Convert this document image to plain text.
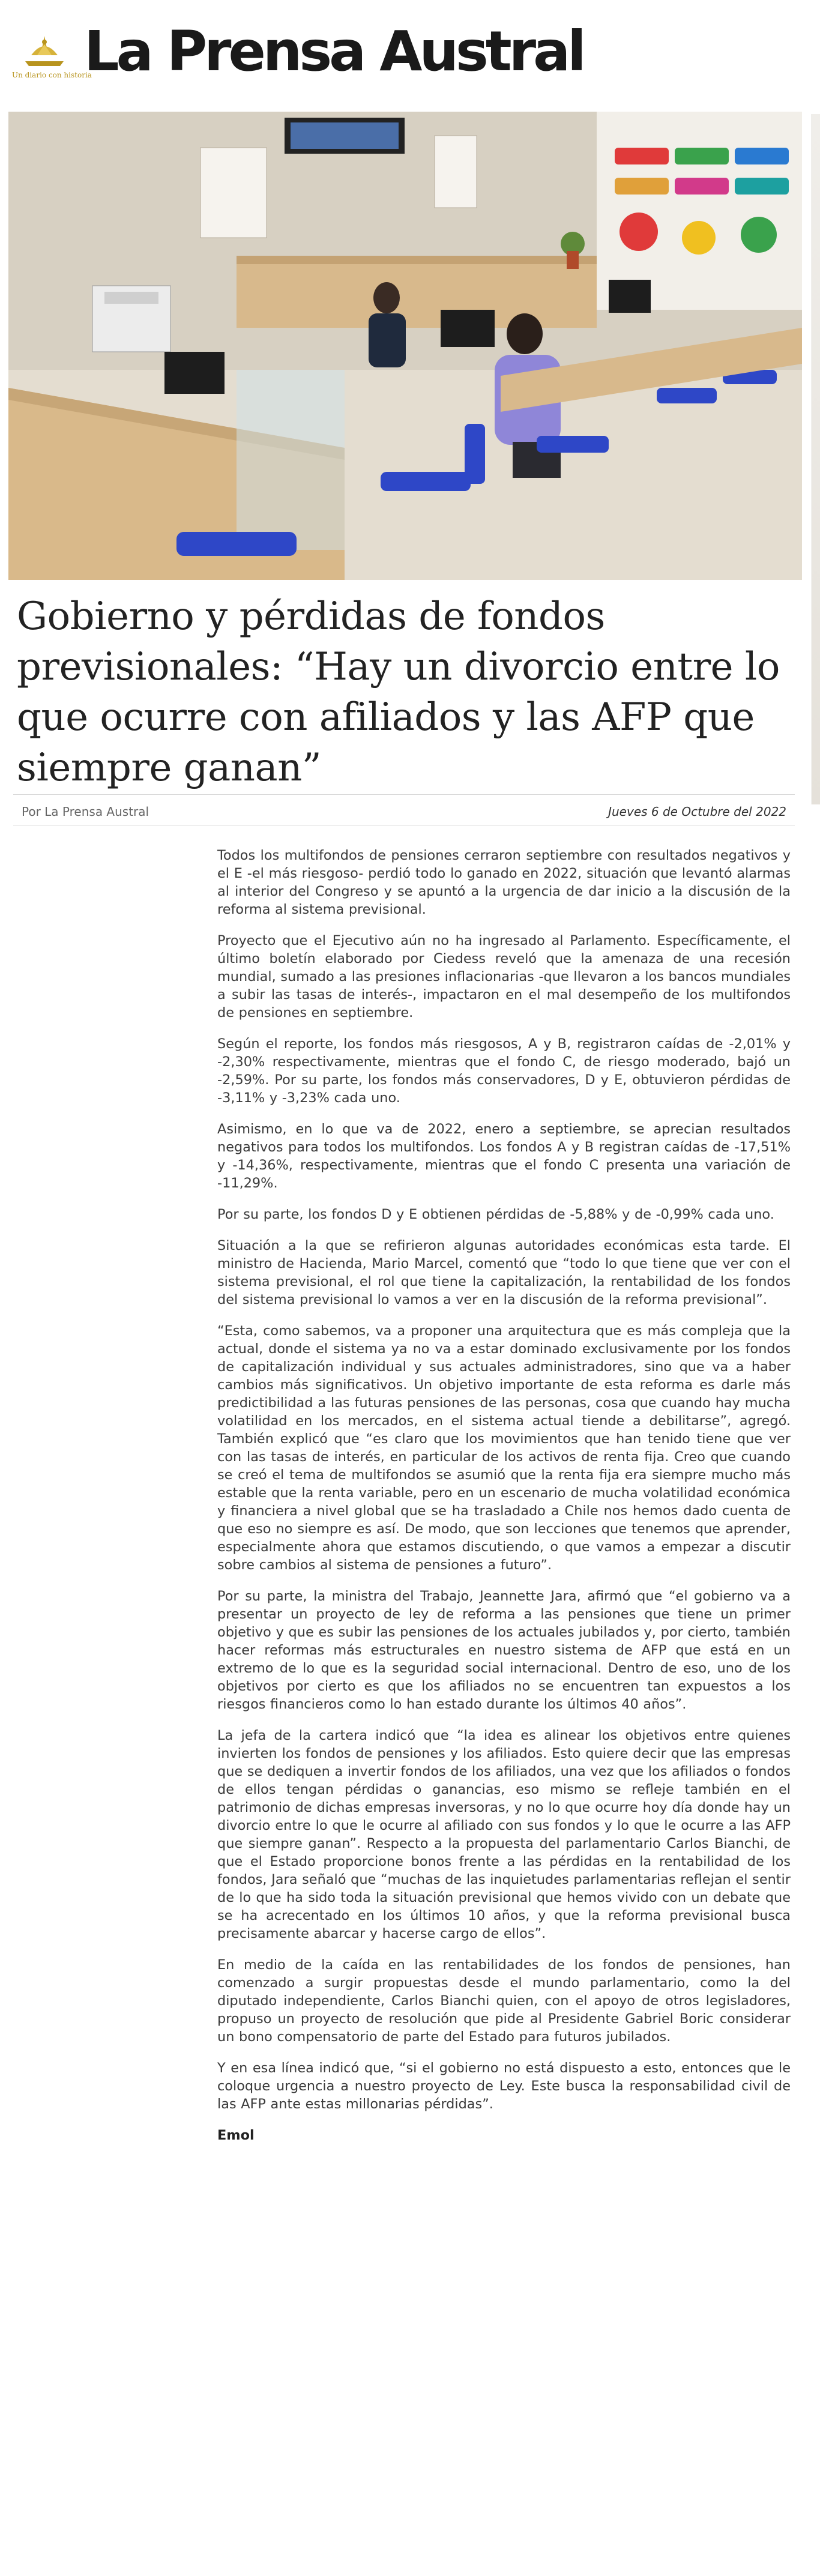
Un diario con historia
La Prensa Austral
Gobierno y pérdidas de fondos previsionales: “Hay un divorcio entre lo que ocurre con afiliados y las AFP que siempre ganan”
Por La Prensa Austral	Jueves 6 de Octubre del 2022

Todos los multifondos de pensiones cerraron septiembre con resultados negativos y el E -el más riesgoso- perdió todo lo ganado en 2022, situación que levantó alarmas al interior del Congreso y se apuntó a la urgencia de dar inicio a la discusión de la reforma al sistema previsional.

Proyecto que el Ejecutivo aún no ha ingresado al Parlamento. Específicamente, el último boletín elaborado por Ciedess reveló que la amenaza de una recesión mundial, sumado a las presiones inflacionarias -que llevaron a los bancos mundiales a subir las tasas de interés-, impactaron en el mal desempeño de los multifondos de pensiones en septiembre.

Según el reporte, los fondos más riesgosos, A y B, registraron caídas de -2,01% y -2,30% respectivamente, mientras que el fondo C, de riesgo moderado, bajó un -2,59%. Por su parte, los fondos más conservadores, D y E, obtuvieron pérdidas de -3,11% y -3,23% cada uno.

Asimismo, en lo que va de 2022, enero a septiembre, se aprecian resultados negativos para todos los multifondos. Los fondos A y B registran caídas de -17,51% y -14,36%, respectivamente, mientras que el fondo C presenta una variación de -11,29%.

Por su parte, los fondos D y E obtienen pérdidas de -5,88% y de -0,99% cada uno.

Situación a la que se refirieron algunas autoridades económicas esta tarde. El ministro de Hacienda, Mario Marcel, comentó que “todo lo que tiene que ver con el sistema previsional, el rol que tiene la capitalización, la rentabilidad de los fondos del sistema previsional lo vamos a ver en la discusión de la reforma previsional”.

“Esta, como sabemos, va a proponer una arquitectura que es más compleja que la actual, donde el sistema ya no va a estar dominado exclusivamente por los fondos de capitalización individual y sus actuales administradores, sino que va a haber cambios más significativos. Un objetivo importante de esta reforma es darle más predictibilidad a las futuras pensiones de las personas, cosa que cuando hay mucha volatilidad en los mercados, en el sistema actual tiende a debilitarse”, agregó. También explicó que “es claro que los movimientos que han tenido tiene que ver con las tasas de interés, en particular de los activos de renta fija. Creo que cuando se creó el tema de multifondos se asumió que la renta fija era siempre mucho más estable que la renta variable, pero en un escenario de mucha volatilidad económica y financiera a nivel global que se ha trasladado a Chile nos hemos dado cuenta de que eso no siempre es así. De modo, que son lecciones que tenemos que aprender, especialmente ahora que estamos discutiendo, o que vamos a empezar a discutir sobre cambios al sistema de pensiones a futuro”.

Por su parte, la ministra del Trabajo, Jeannette Jara, afirmó que “el gobierno va a presentar un proyecto de ley de reforma a las pensiones que tiene un primer objetivo y que es subir las pensiones de los actuales jubilados y, por cierto, también hacer reformas más estructurales en nuestro sistema de AFP que está en un extremo de lo que es la seguridad social internacional. Dentro de eso, uno de los objetivos por cierto es que los afiliados no se encuentren tan expuestos a los riesgos financieros como lo han estado durante los últimos 40 años”.

La jefa de la cartera indicó que “la idea es alinear los objetivos entre quienes invierten los fondos de pensiones y los afiliados. Esto quiere decir que las empresas que se dediquen a invertir fondos de los afiliados, una vez que los afiliados o fondos de ellos tengan pérdidas o ganancias, eso mismo se refleje también en el patrimonio de dichas empresas inversoras, y no lo que ocurre hoy día donde hay un divorcio entre lo que le ocurre al afiliado con sus fondos y lo que le ocurre a las AFP que siempre ganan”. Respecto a la propuesta del parlamentario Carlos Bianchi, de que el Estado proporcione bonos frente a las pérdidas en la rentabilidad de los fondos, Jara señaló que “muchas de las inquietudes parlamentarias reflejan el sentir de lo que ha sido toda la situación previsional que hemos vivido con un debate que se ha acrecentado en los últimos 10 años, y que la reforma previsional busca precisamente abarcar y hacerse cargo de ellos”.

En medio de la caída en las rentabilidades de los fondos de pensiones, han comenzado a surgir propuestas desde el mundo parlamentario, como la del diputado independiente, Carlos Bianchi quien, con el apoyo de otros legisladores, propuso un proyecto de resolución que pide al Presidente Gabriel Boric considerar un bono compensatorio de parte del Estado para futuros jubilados.

Y en esa línea indicó que, “si el gobierno no está dispuesto a esto, entonces que le coloque urgencia a nuestro proyecto de Ley. Este busca la responsabilidad civil de las AFP ante estas millonarias pérdidas”.

Emol
